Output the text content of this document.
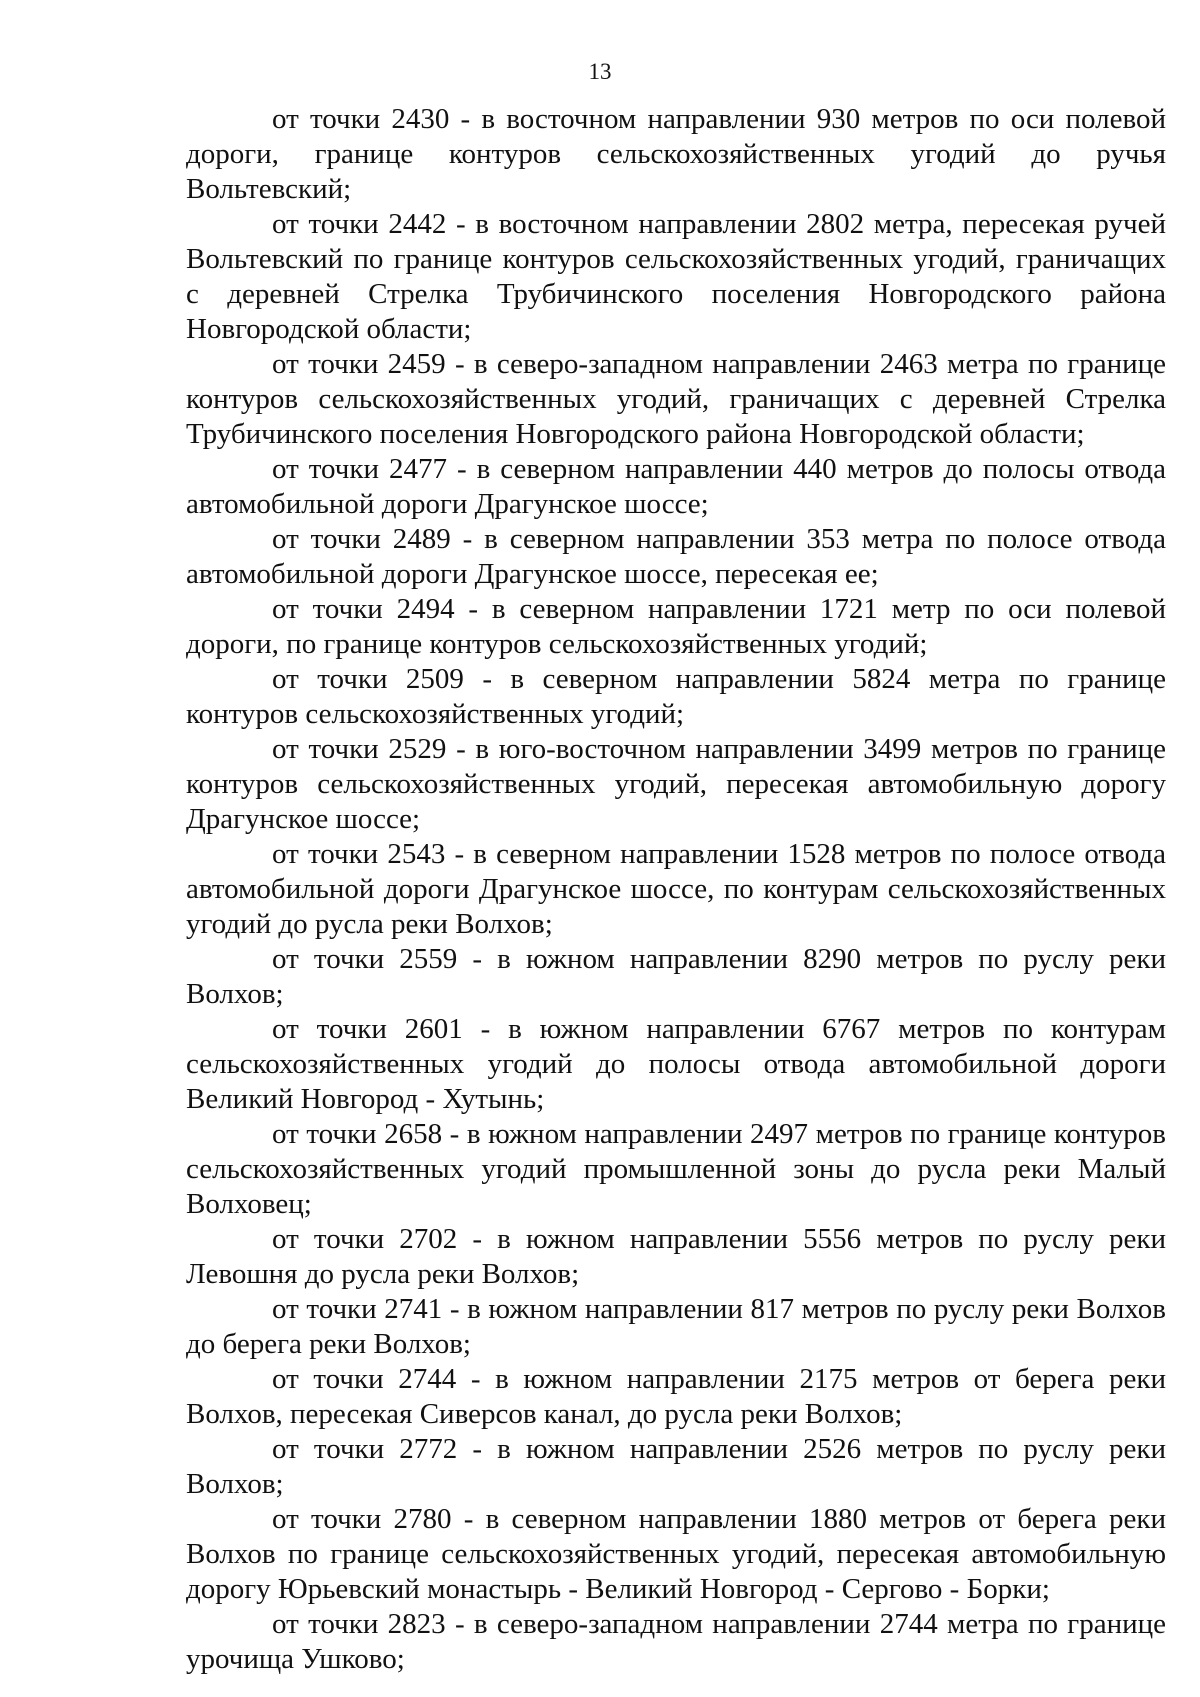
13

от точки 2430 - в восточном направлении 930 метров по оси полевой дороги, границе контуров сельскохозяйственных угодий до ручья Вольтевский;

от точки 2442 - в восточном направлении 2802 метра, пересекая ручей Вольтевский по границе контуров сельскохозяйственных угодий, граничащих с деревней Стрелка Трубичинского поселения Новгородского района Новгородской области;

от точки 2459 - в северо-западном направлении 2463 метра по границе контуров сельскохозяйственных угодий, граничащих с деревней Стрелка Трубичинского поселения Новгородского района Новгородской области;

от точки 2477 - в северном направлении 440 метров до полосы отвода автомобильной дороги Драгунское шоссе;

от точки 2489 - в северном направлении 353 метра по полосе отвода автомобильной дороги Драгунское шоссе, пересекая ее;

от точки 2494 - в северном направлении 1721 метр по оси полевой дороги, по границе контуров сельскохозяйственных угодий;

от точки 2509 - в северном направлении 5824 метра по границе контуров сельскохозяйственных угодий;

от точки 2529 - в юго-восточном направлении 3499 метров по границе контуров сельскохозяйственных угодий, пересекая автомобильную дорогу Драгунское шоссе;

от точки 2543 - в северном направлении 1528 метров по полосе отвода автомобильной дороги Драгунское шоссе, по контурам сельскохозяйственных угодий до русла реки Волхов;

от точки 2559 - в южном направлении 8290 метров по руслу реки Волхов;

от точки 2601 - в южном направлении 6767 метров по контурам сельскохозяйственных угодий до полосы отвода автомобильной дороги Великий Новгород - Хутынь;

от точки 2658 - в южном направлении 2497 метров по границе контуров сельскохозяйственных угодий промышленной зоны до русла реки Малый Волховец;

от точки 2702 - в южном направлении 5556 метров по руслу реки Левошня до русла реки Волхов;

от точки 2741 - в южном направлении 817 метров по руслу реки Волхов до берега реки Волхов;

от точки 2744 - в южном направлении 2175 метров от берега реки Волхов, пересекая Сиверсов канал, до русла реки Волхов;

от точки 2772 - в южном направлении 2526 метров по руслу реки Волхов;

от точки 2780 - в северном направлении 1880 метров от берега реки Волхов по границе сельскохозяйственных угодий, пересекая автомобильную дорогу Юрьевский монастырь - Великий Новгород - Сергово - Борки;

от точки 2823 - в северо-западном направлении 2744 метра по границе урочища Ушково;
